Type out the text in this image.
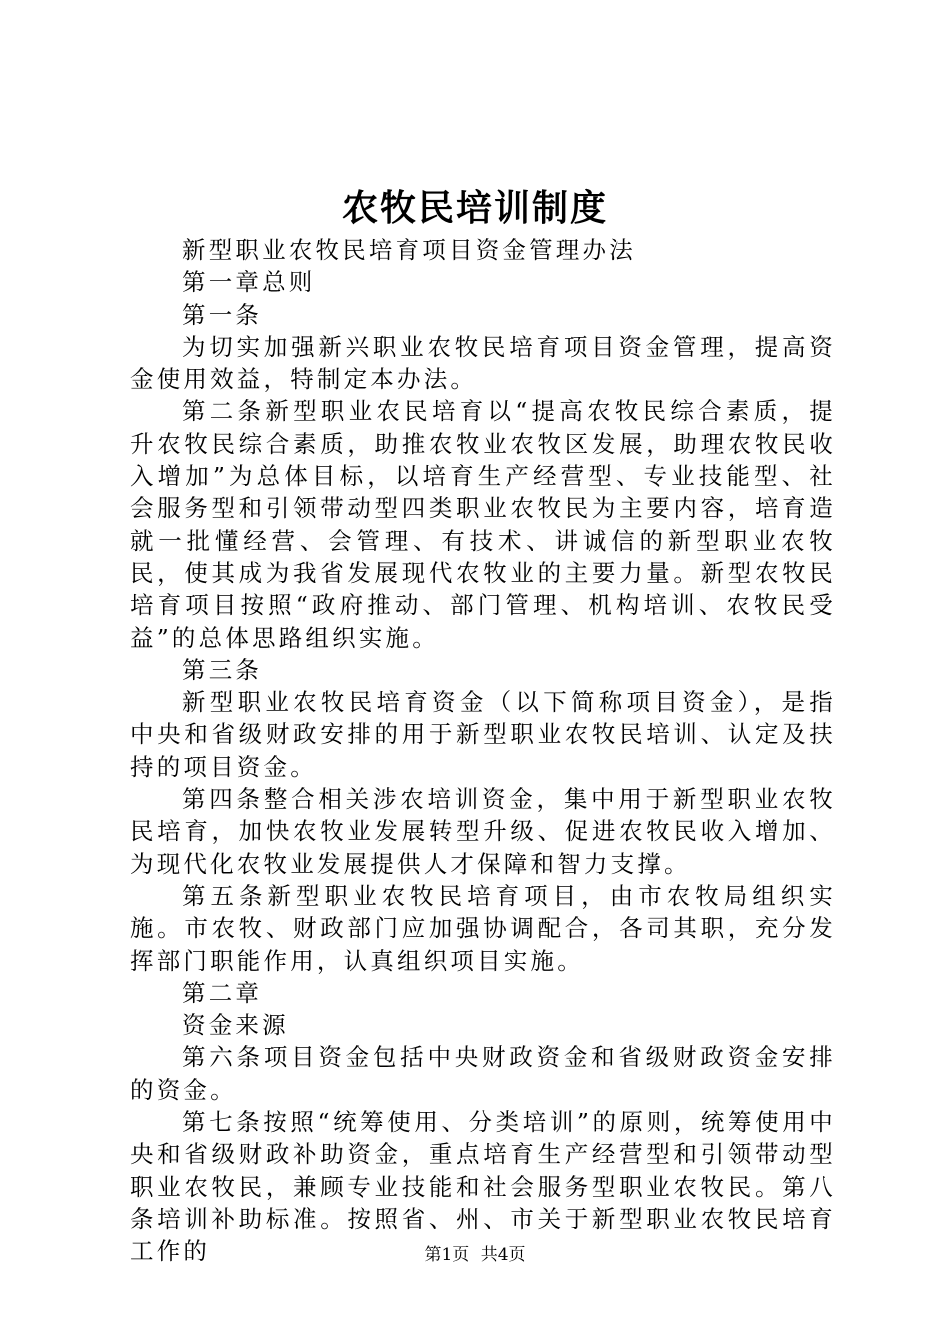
农牧民培训制度

新型职业农牧民培育项目资金管理办法

第一章总则

第一条

为切实加强新兴职业农牧民培育项目资金管理，提高资金使用效益，特制定本办法。

第二条新型职业农民培育以“提高农牧民综合素质，提升农牧民综合素质，助推农牧业农牧区发展，助理农牧民收入增加”为总体目标，以培育生产经营型、专业技能型、社会服务型和引领带动型四类职业农牧民为主要内容，培育造就一批懂经营、会管理、有技术、讲诚信的新型职业农牧民，使其成为我省发展现代农牧业的主要力量。新型农牧民培育项目按照“政府推动、部门管理、机构培训、农牧民受益”的总体思路组织实施。

第三条

新型职业农牧民培育资金（以下简称项目资金），是指中央和省级财政安排的用于新型职业农牧民培训、认定及扶持的项目资金。

第四条整合相关涉农培训资金，集中用于新型职业农牧民培育，加快农牧业发展转型升级、促进农牧民收入增加、为现代化农牧业发展提供人才保障和智力支撑。

第五条新型职业农牧民培育项目，由市农牧局组织实施。市农牧、财政部门应加强协调配合，各司其职，充分发挥部门职能作用，认真组织项目实施。

第二章

资金来源

第六条项目资金包括中央财政资金和省级财政资金安排的资金。

第七条按照“统筹使用、分类培训”的原则，统筹使用中央和省级财政补助资金，重点培育生产经营型和引领带动型职业农牧民，兼顾专业技能和社会服务型职业农牧民。第八条培训补助标准。按照省、州、市关于新型职业农牧民培育工作的	第1页 共4页
